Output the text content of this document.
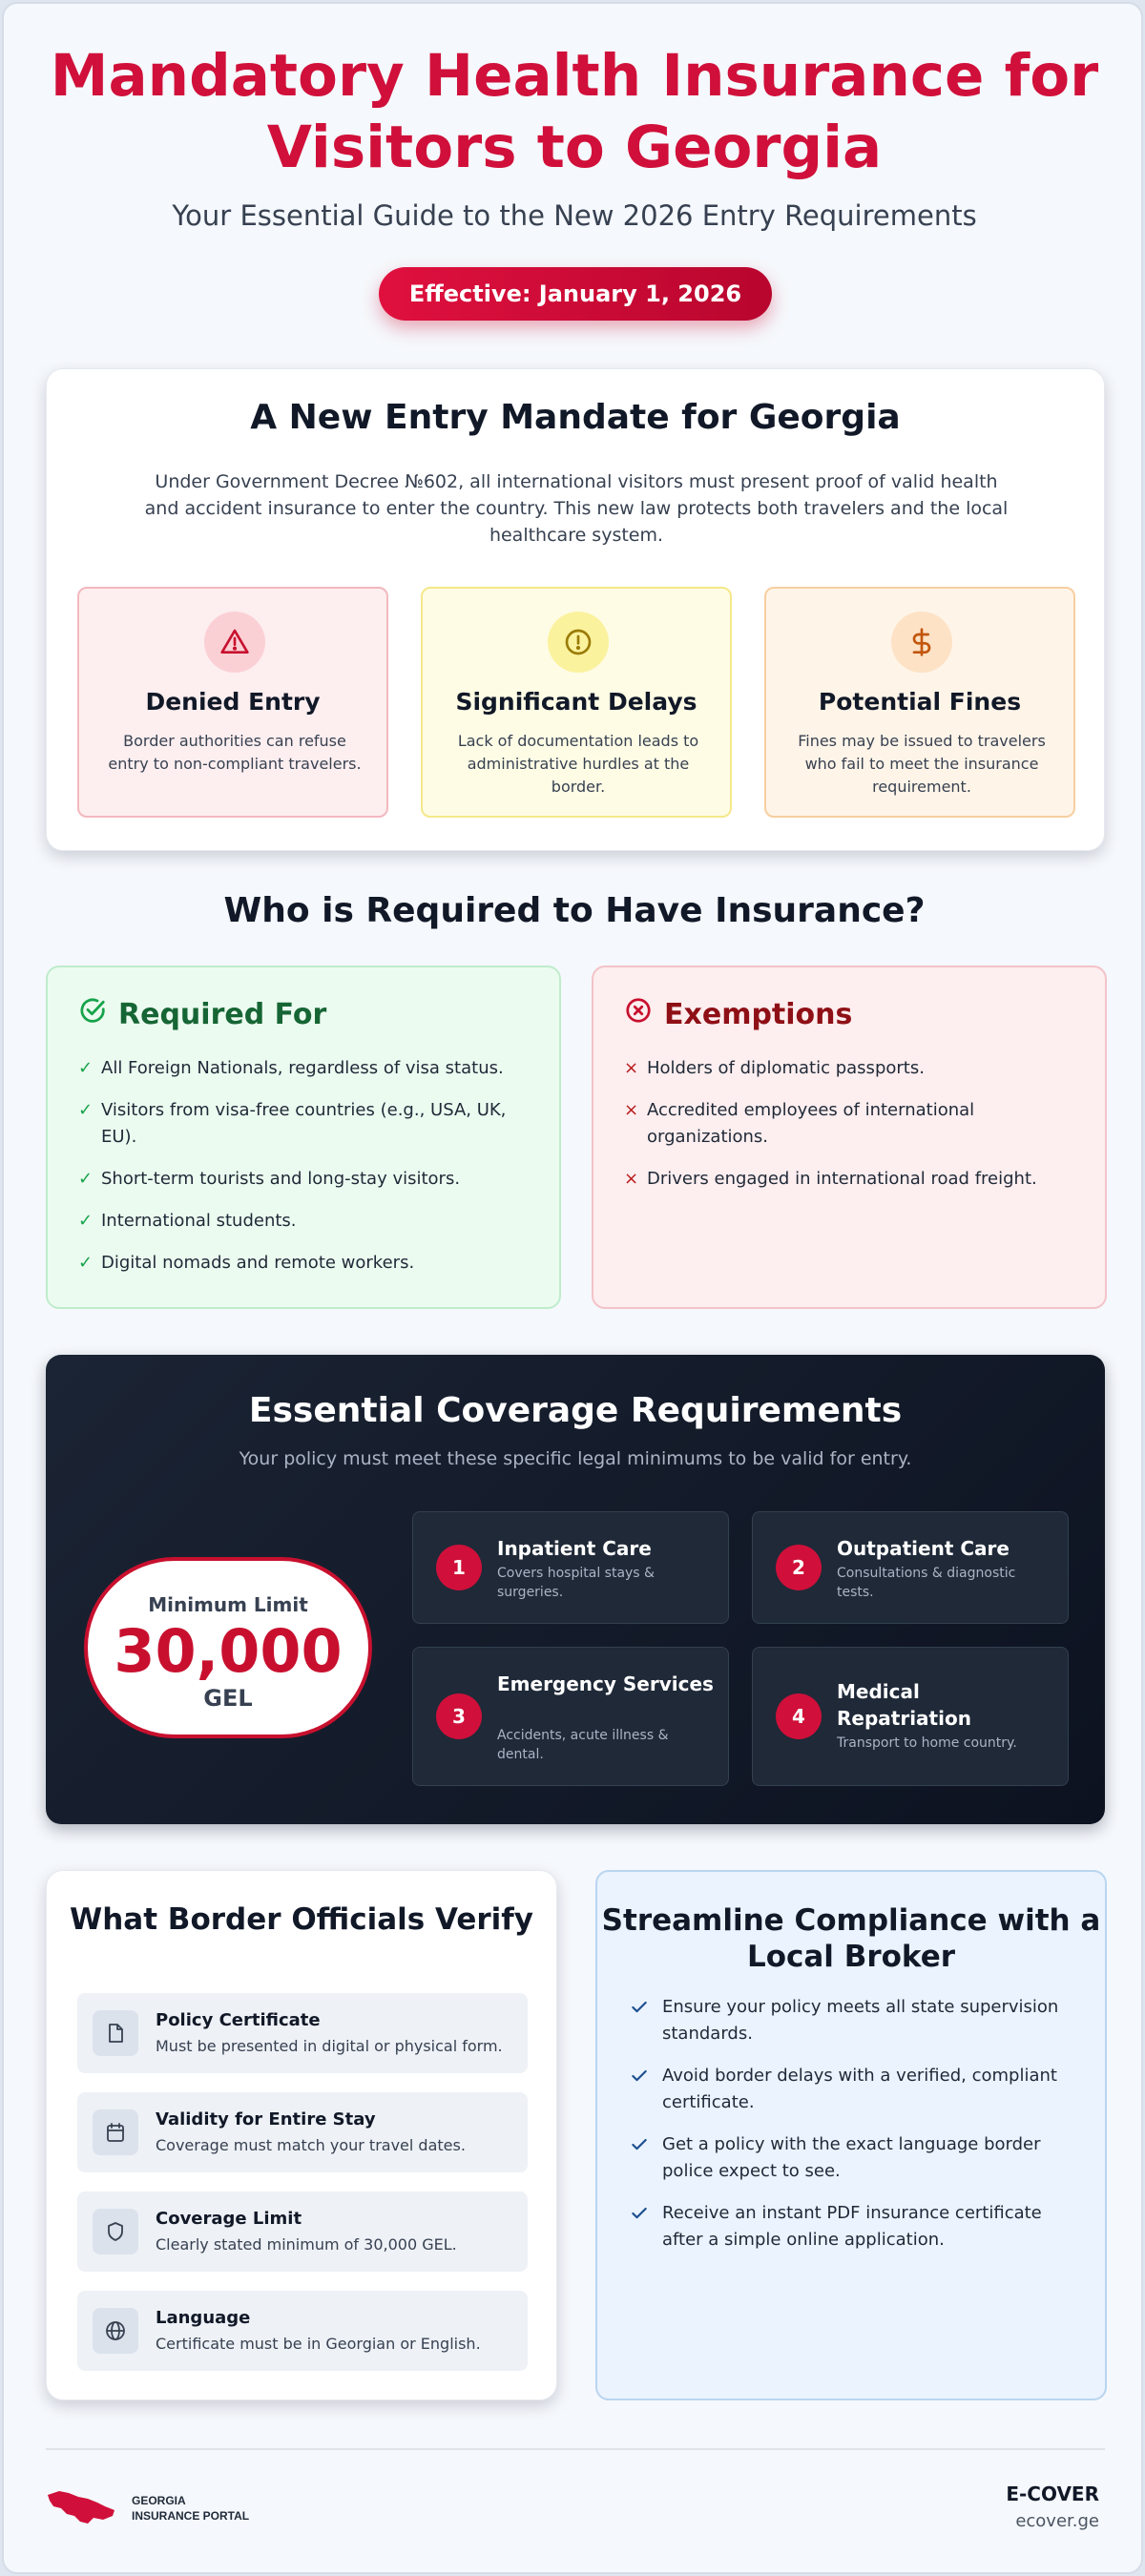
Mandatory Health Insurance for Visitors to Georgia
Your Essential Guide to the New 2026 Entry Requirements
Effective: January 1, 2026
A New Entry Mandate for Georgia

Under Government Decree №602, all international visitors must present proof of valid health and accident insurance to enter the country. This new law protects both travelers and the local healthcare system.

Denied Entry

Border authorities can refuse entry to non-compliant travelers.

Significant Delays

Lack of documentation leads to administrative hurdles at the border.

Potential Fines

Fines may be issued to travelers who fail to meet the insurance requirement.

Who is Required to Have Insurance?
Required For
✓ All Foreign Nationals, regardless of visa status.
✓ Visitors from visa-free countries (e.g., USA, UK, EU).
✓ Short-term tourists and long-stay visitors.
✓ International students.
✓ Digital nomads and remote workers.
Exemptions
× Holders of diplomatic passports.
× Accredited employees of international organizations.
× Drivers engaged in international road freight.
Essential Coverage Requirements
Your policy must meet these specific legal minimums to be valid for entry.
Minimum Limit
30,000
GEL
1
Inpatient Care
Covers hospital stays & surgeries.
2
Outpatient Care
Consultations & diagnostic tests.
3
Emergency Services
Accidents, acute illness & dental.
4
Medical Repatriation
Transport to home country.
What Border Officials Verify
Policy Certificate
Must be presented in digital or physical form.
Validity for Entire Stay
Coverage must match your travel dates.
Coverage Limit
Clearly stated minimum of 30,000 GEL.
Language
Certificate must be in Georgian or English.
Streamline Compliance with a Local Broker
Ensure your policy meets all state supervision standards.
Avoid border delays with a verified, compliant certificate.
Get a policy with the exact language border police expect to see.
Receive an instant PDF insurance certificate after a simple online application.
GEORGIA
INSURANCE PORTAL
E-COVER
ecover.ge
